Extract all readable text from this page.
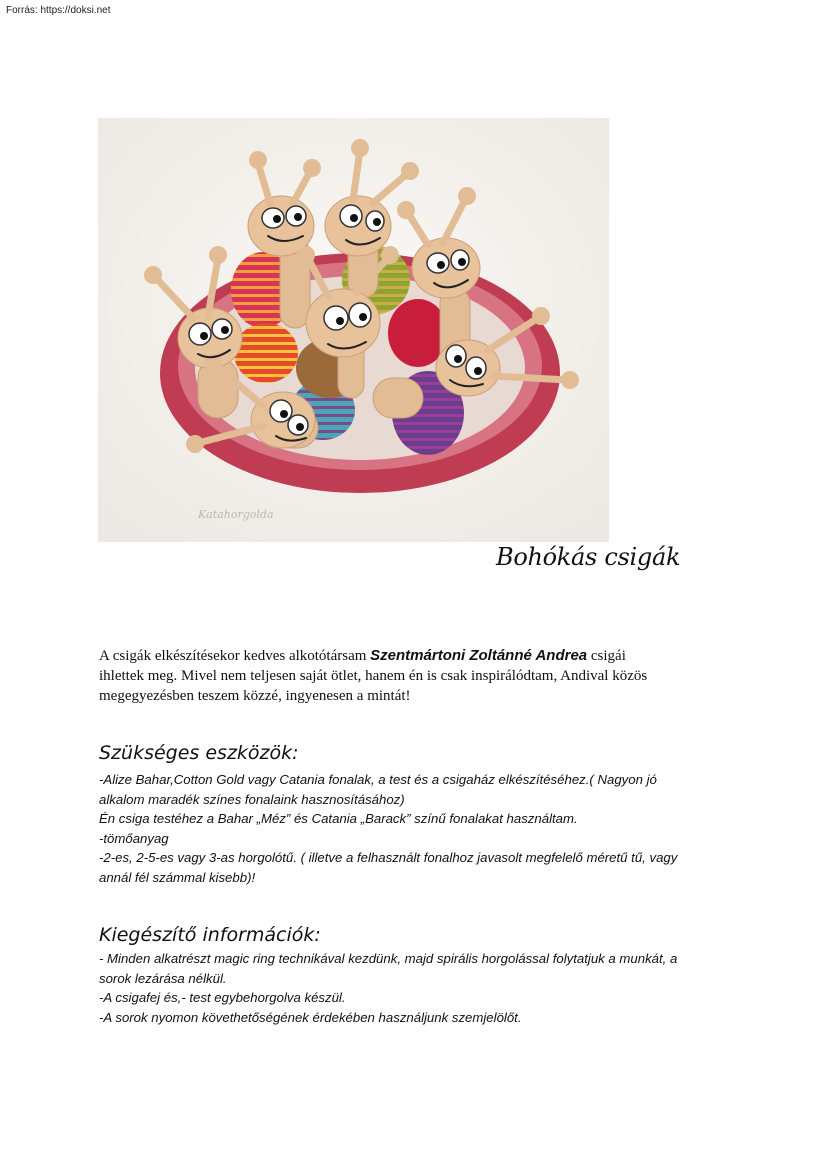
Forrás: https://doksi.net
Katahorgolda
Bohókás csigák
A csigák elkészítésekor kedves alkotótársam Szentmártoni Zoltánné Andrea csigái
ihlettek meg. Mivel nem teljesen saját ötlet, hanem én is csak inspirálódtam, Andival közös
megegyezésben teszem közzé, ingyenesen a mintát!
Szükséges eszközök:
-Alize Bahar,Cotton Gold vagy Catania fonalak, a test és a csigaház elkészítéséhez.( Nagyon jó
alkalom maradék színes fonalaink hasznosításához)
Én csiga testéhez a Bahar „Méz” és Catania „Barack” színű fonalakat használtam.
-tömőanyag
-2-es, 2-5-es vagy 3-as horgolótű. ( illetve a felhasznált fonalhoz javasolt megfelelő méretű tű, vagy
annál fél számmal kisebb)!
Kiegészítő információk:
- Minden alkatrészt magic ring technikával kezdünk, majd spirális horgolással folytatjuk a munkát, a
sorok lezárása nélkül.
-A csigafej és,- test egybehorgolva készül.
-A sorok nyomon követhetőségének érdekében használjunk szemjelölőt.
